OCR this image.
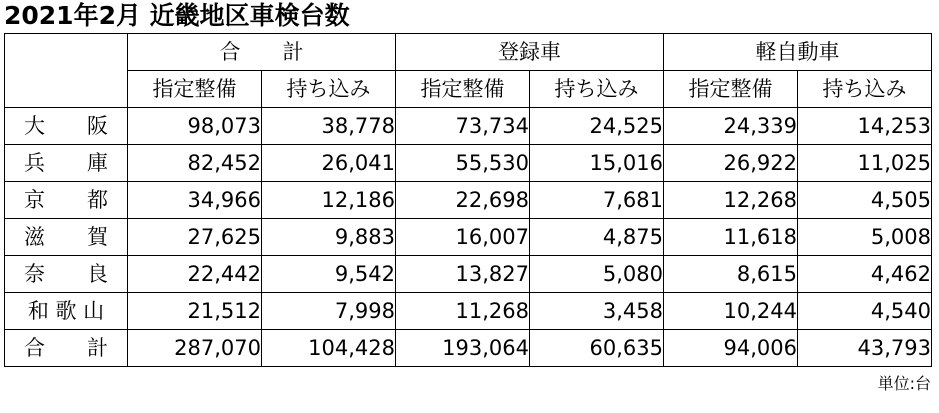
2021年2月 近畿地区車検台数
	合　　計		登録車		軽自動車	
	指定整備	持ち込み	指定整備	持ち込み	指定整備	持ち込み
大　　阪	98,073	38,778	73,734	24,525	24,339	14,253
兵　　庫	82,452	26,041	55,530	15,016	26,922	11,025
京　　都	34,966	12,186	22,698	7,681	12,268	4,505
滋　　賀	27,625	9,883	16,007	4,875	11,618	5,008
奈　　良	22,442	9,542	13,827	5,080	8,615	4,462
和 歌 山	21,512	7,998	11,268	3,458	10,244	4,540
合　　計	287,070	104,428	193,064	60,635	94,006	43,793
単位:台
